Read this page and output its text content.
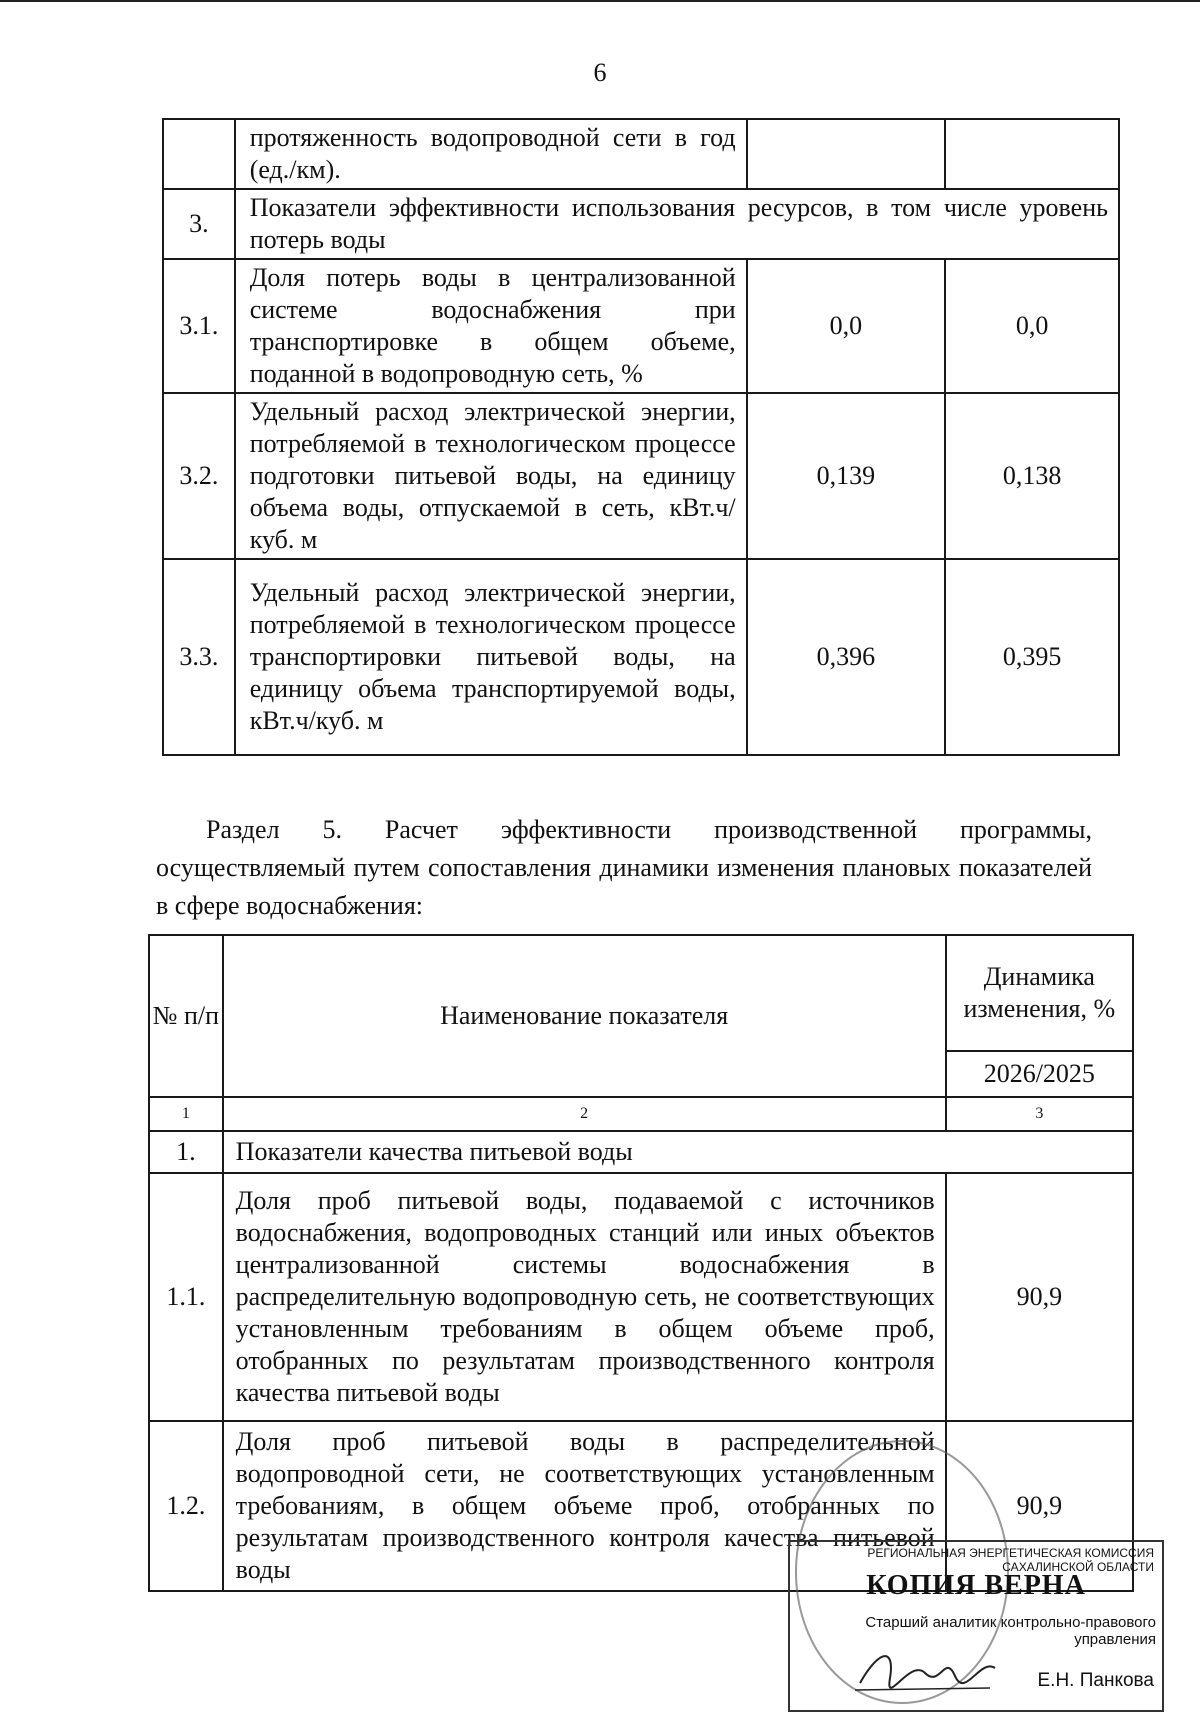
6
	протяженность водопроводной сети в год (ед./км).		
3.	Показатели эффективности использования ресурсов, в том числе уровень потерь воды		
3.1.	Доля потерь воды в централизованной системе водоснабжения при транспортировке в общем объеме, поданной в водопроводную сеть, %	0,0	0,0
3.2.	Удельный расход электрической энергии, потребляемой в технологическом процессе подготовки питьевой воды, на единицу объема воды, отпускаемой в сеть, кВт.ч/куб. м	0,139	0,138
3.3.	Удельный расход электрической энергии, потребляемой в технологическом процессе транспортировки питьевой воды, на единицу объема транспортируемой воды, кВт.ч/куб. м	0,396	0,395

Раздел 5. Расчет эффективности производственной программы, осуществляемый путем сопоставления динамики изменения плановых показателей в сфере водоснабжения:

№ п/п	Наименование показателя	Динамика изменения, %
		2026/2025
1	2	3
1.	Показатели качества питьевой воды	
1.1.	Доля проб питьевой воды, подаваемой с источников водоснабжения, водопроводных станций или иных объектов централизованной системы водоснабжения в распределительную водопроводную сеть, не соответствующих установленным требованиям в общем объеме проб, отобранных по результатам производственного контроля качества питьевой воды	90,9
1.2.	Доля проб питьевой воды в распределительной водопроводной сети, не соответствующих установленным требованиям, в общем объеме проб, отобранных по результатам производственного контроля качества питьевой воды	90,9
РЕГИОНАЛЬНАЯ ЭНЕРГЕТИЧЕСКАЯ КОМИССИЯ САХАЛИНСКОЙ ОБЛАСТИ
КОПИЯ ВЕРНА
Старший аналитик контрольно-правового управления
Е.Н. Панкова
